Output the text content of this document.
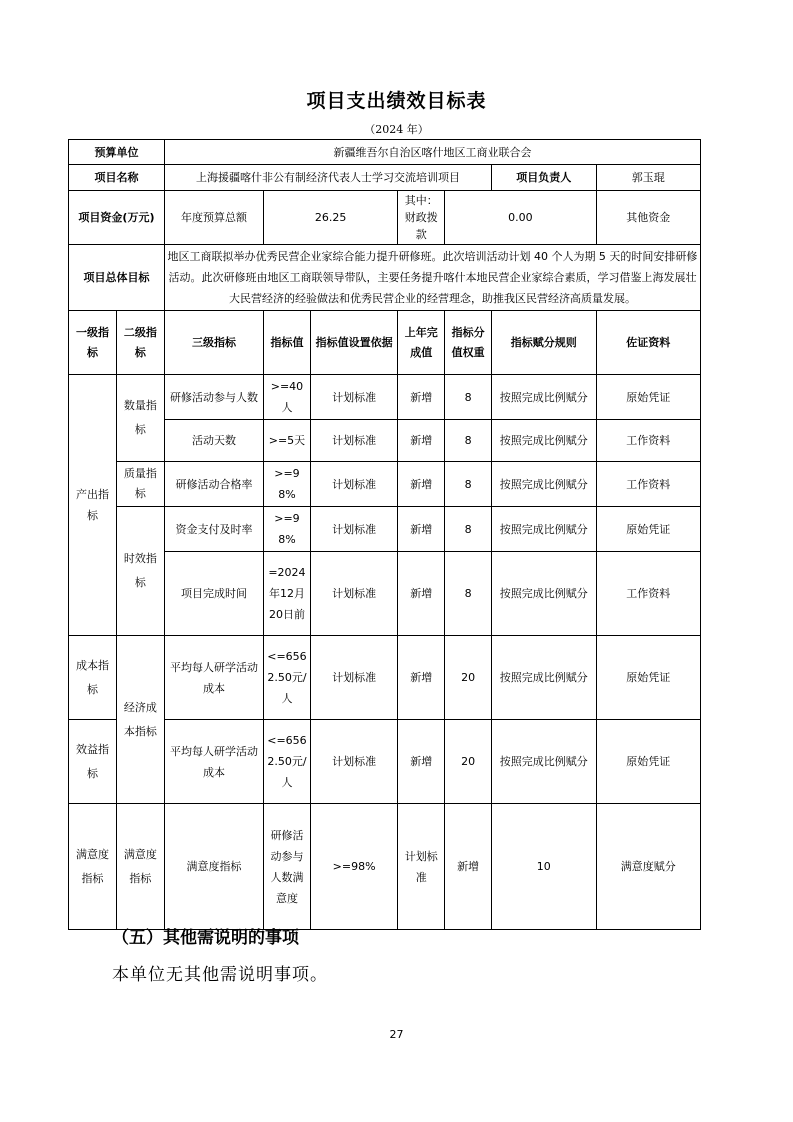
项目支出绩效目标表
（2024 年）
预算单位		新疆维吾尔自治区喀什地区工商业联合会						
项目名称		上海援疆喀什非公有制经济代表人士学习交流培训项目					项目负责人	郭玉琨
项目资金(万元)		年度预算总额	26.25		其中：财政拨款	0.00		其他资金
项目总体目标		地区工商联拟举办优秀民营企业家综合能力提升研修班。此次培训活动计划 40 个人为期 5 天的时间安排研修活动。此次研修班由地区工商联领导带队，主要任务提升喀什本地民营企业家综合素质，学习借鉴上海发展壮大民营经济的经验做法和优秀民营企业的经营理念，助推我区民营经济高质量发展。						
一级指标	二级指标	三级指标	指标值	指标值设置依据	上年完成值	指标分值权重	指标赋分规则	佐证资料
产出指标	数量指标	研修活动参与人数	>=40人	计划标准	新增	8	按照完成比例赋分	原始凭证
		活动天数	>=5天	计划标准	新增	8	按照完成比例赋分	工作资料
	质量指标	研修活动合格率	>=98%	计划标准	新增	8	按照完成比例赋分	工作资料
	时效指标	资金支付及时率	>=98%	计划标准	新增	8	按照完成比例赋分	原始凭证
		项目完成时间	=2024年12月20日前	计划标准	新增	8	按照完成比例赋分	工作资料
成本指标	经济成本指标	平均每人研学活动成本	<=6562.50元/人	计划标准	新增	20	按照完成比例赋分	原始凭证
效益指标		平均每人研学活动成本	<=6562.50元/人	计划标准	新增	20	按照完成比例赋分	原始凭证
满意度指标	满意度指标	满意度指标	研修活动参与人数满意度	>=98%	计划标准	新增	10	满意度赋分
（五）其他需说明的事项
本单位无其他需说明事项。
27
